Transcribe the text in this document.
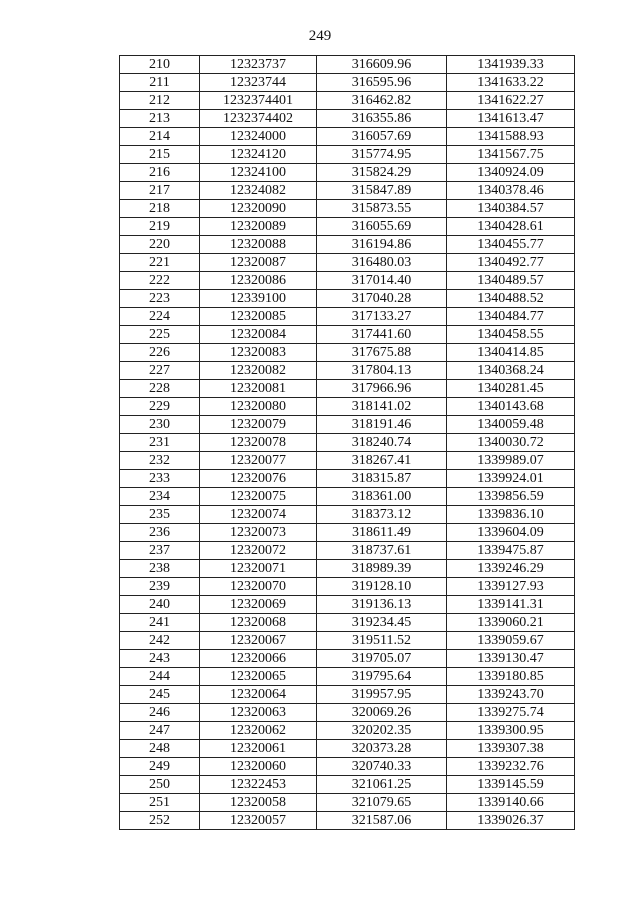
249
210	12323737	316609.96	1341939.33
211	12323744	316595.96	1341633.22
212	1232374401	316462.82	1341622.27
213	1232374402	316355.86	1341613.47
214	12324000	316057.69	1341588.93
215	12324120	315774.95	1341567.75
216	12324100	315824.29	1340924.09
217	12324082	315847.89	1340378.46
218	12320090	315873.55	1340384.57
219	12320089	316055.69	1340428.61
220	12320088	316194.86	1340455.77
221	12320087	316480.03	1340492.77
222	12320086	317014.40	1340489.57
223	12339100	317040.28	1340488.52
224	12320085	317133.27	1340484.77
225	12320084	317441.60	1340458.55
226	12320083	317675.88	1340414.85
227	12320082	317804.13	1340368.24
228	12320081	317966.96	1340281.45
229	12320080	318141.02	1340143.68
230	12320079	318191.46	1340059.48
231	12320078	318240.74	1340030.72
232	12320077	318267.41	1339989.07
233	12320076	318315.87	1339924.01
234	12320075	318361.00	1339856.59
235	12320074	318373.12	1339836.10
236	12320073	318611.49	1339604.09
237	12320072	318737.61	1339475.87
238	12320071	318989.39	1339246.29
239	12320070	319128.10	1339127.93
240	12320069	319136.13	1339141.31
241	12320068	319234.45	1339060.21
242	12320067	319511.52	1339059.67
243	12320066	319705.07	1339130.47
244	12320065	319795.64	1339180.85
245	12320064	319957.95	1339243.70
246	12320063	320069.26	1339275.74
247	12320062	320202.35	1339300.95
248	12320061	320373.28	1339307.38
249	12320060	320740.33	1339232.76
250	12322453	321061.25	1339145.59
251	12320058	321079.65	1339140.66
252	12320057	321587.06	1339026.37
